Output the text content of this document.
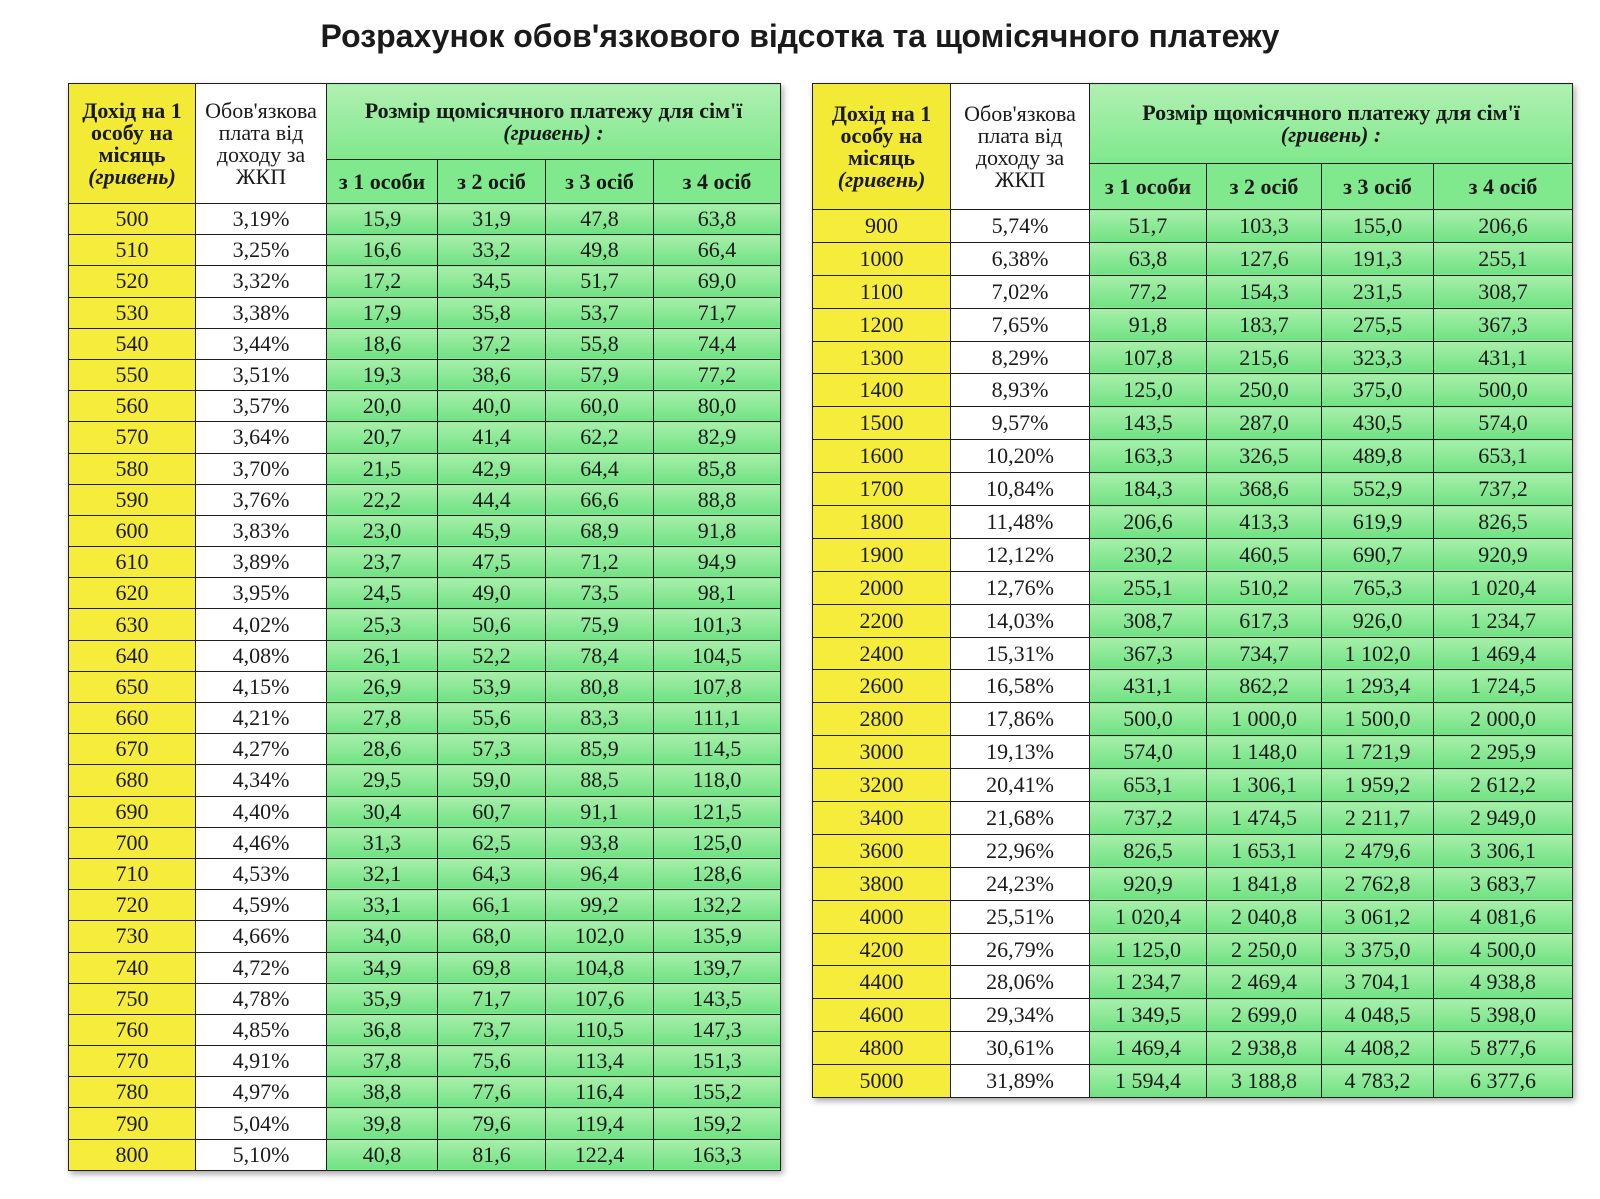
Розрахунок обов'язкового відсотка та щомісячного платежу
Дохід на 1
особу на
місяць
(гривень)	Обов'язкова
плата від
доходу за
ЖКП	Розмір щомісячного платежу для сім'ї
(гривень) :			
		з 1 особи	з 2 осіб	з 3 осіб	з 4 осіб
500	3,19%	15,9	31,9	47,8	63,8
510	3,25%	16,6	33,2	49,8	66,4
520	3,32%	17,2	34,5	51,7	69,0
530	3,38%	17,9	35,8	53,7	71,7
540	3,44%	18,6	37,2	55,8	74,4
550	3,51%	19,3	38,6	57,9	77,2
560	3,57%	20,0	40,0	60,0	80,0
570	3,64%	20,7	41,4	62,2	82,9
580	3,70%	21,5	42,9	64,4	85,8
590	3,76%	22,2	44,4	66,6	88,8
600	3,83%	23,0	45,9	68,9	91,8
610	3,89%	23,7	47,5	71,2	94,9
620	3,95%	24,5	49,0	73,5	98,1
630	4,02%	25,3	50,6	75,9	101,3
640	4,08%	26,1	52,2	78,4	104,5
650	4,15%	26,9	53,9	80,8	107,8
660	4,21%	27,8	55,6	83,3	111,1
670	4,27%	28,6	57,3	85,9	114,5
680	4,34%	29,5	59,0	88,5	118,0
690	4,40%	30,4	60,7	91,1	121,5
700	4,46%	31,3	62,5	93,8	125,0
710	4,53%	32,1	64,3	96,4	128,6
720	4,59%	33,1	66,1	99,2	132,2
730	4,66%	34,0	68,0	102,0	135,9
740	4,72%	34,9	69,8	104,8	139,7
750	4,78%	35,9	71,7	107,6	143,5
760	4,85%	36,8	73,7	110,5	147,3
770	4,91%	37,8	75,6	113,4	151,3
780	4,97%	38,8	77,6	116,4	155,2
790	5,04%	39,8	79,6	119,4	159,2
800	5,10%	40,8	81,6	122,4	163,3
Дохід на 1
особу на
місяць
(гривень)	Обов'язкова
плата від
доходу за
ЖКП	Розмір щомісячного платежу для сім'ї
(гривень) :			
		з 1 особи	з 2 осіб	з 3 осіб	з 4 осіб
900	5,74%	51,7	103,3	155,0	206,6
1000	6,38%	63,8	127,6	191,3	255,1
1100	7,02%	77,2	154,3	231,5	308,7
1200	7,65%	91,8	183,7	275,5	367,3
1300	8,29%	107,8	215,6	323,3	431,1
1400	8,93%	125,0	250,0	375,0	500,0
1500	9,57%	143,5	287,0	430,5	574,0
1600	10,20%	163,3	326,5	489,8	653,1
1700	10,84%	184,3	368,6	552,9	737,2
1800	11,48%	206,6	413,3	619,9	826,5
1900	12,12%	230,2	460,5	690,7	920,9
2000	12,76%	255,1	510,2	765,3	1 020,4
2200	14,03%	308,7	617,3	926,0	1 234,7
2400	15,31%	367,3	734,7	1 102,0	1 469,4
2600	16,58%	431,1	862,2	1 293,4	1 724,5
2800	17,86%	500,0	1 000,0	1 500,0	2 000,0
3000	19,13%	574,0	1 148,0	1 721,9	2 295,9
3200	20,41%	653,1	1 306,1	1 959,2	2 612,2
3400	21,68%	737,2	1 474,5	2 211,7	2 949,0
3600	22,96%	826,5	1 653,1	2 479,6	3 306,1
3800	24,23%	920,9	1 841,8	2 762,8	3 683,7
4000	25,51%	1 020,4	2 040,8	3 061,2	4 081,6
4200	26,79%	1 125,0	2 250,0	3 375,0	4 500,0
4400	28,06%	1 234,7	2 469,4	3 704,1	4 938,8
4600	29,34%	1 349,5	2 699,0	4 048,5	5 398,0
4800	30,61%	1 469,4	2 938,8	4 408,2	5 877,6
5000	31,89%	1 594,4	3 188,8	4 783,2	6 377,6
